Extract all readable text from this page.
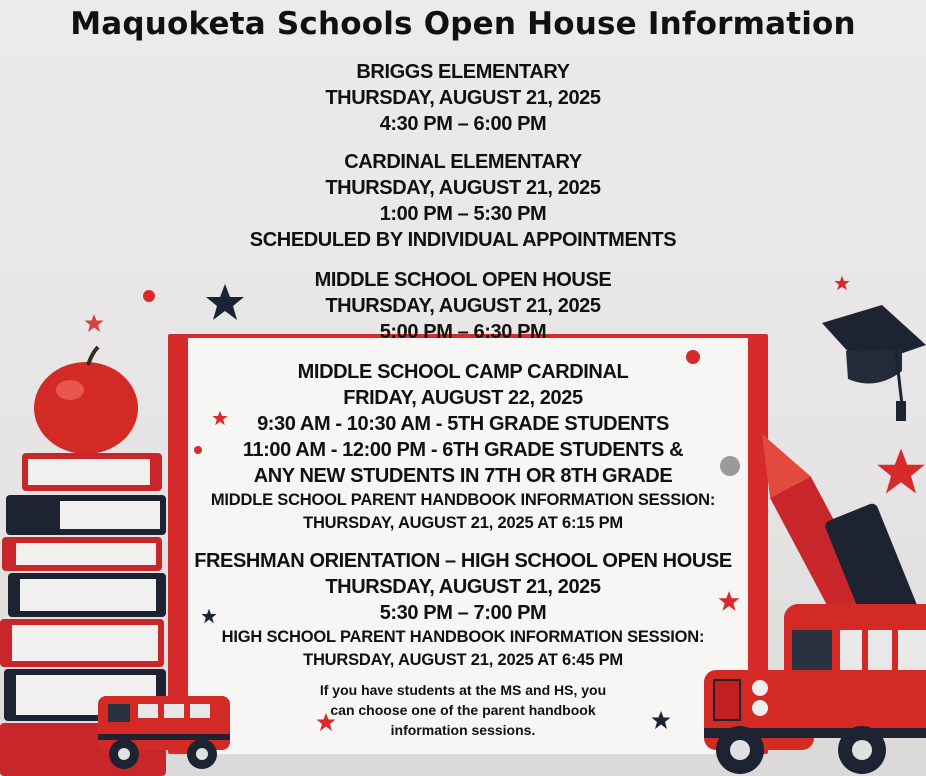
Maquoketa Schools Open House Information
BRIGGS ELEMENTARY
THURSDAY, AUGUST 21, 2025
4:30 PM – 6:00 PM
CARDINAL ELEMENTARY
THURSDAY, AUGUST 21, 2025
1:00 PM – 5:30 PM
SCHEDULED BY INDIVIDUAL APPOINTMENTS
MIDDLE SCHOOL OPEN HOUSE
THURSDAY, AUGUST 21, 2025
5:00 PM – 6:30 PM
MIDDLE SCHOOL CAMP CARDINAL
FRIDAY, AUGUST 22, 2025
9:30 AM - 10:30 AM - 5TH GRADE STUDENTS
11:00 AM - 12:00 PM - 6TH GRADE STUDENTS &
ANY NEW STUDENTS IN 7TH OR 8TH GRADE
MIDDLE SCHOOL PARENT HANDBOOK INFORMATION SESSION:
THURSDAY, AUGUST 21, 2025 AT 6:15 PM
FRESHMAN ORIENTATION – HIGH SCHOOL OPEN HOUSE
THURSDAY, AUGUST 21, 2025
5:30 PM – 7:00 PM
HIGH SCHOOL PARENT HANDBOOK INFORMATION SESSION:
THURSDAY, AUGUST 21, 2025 AT 6:45 PM
If you have students at the MS and HS, you
can choose one of the parent handbook
information sessions.
